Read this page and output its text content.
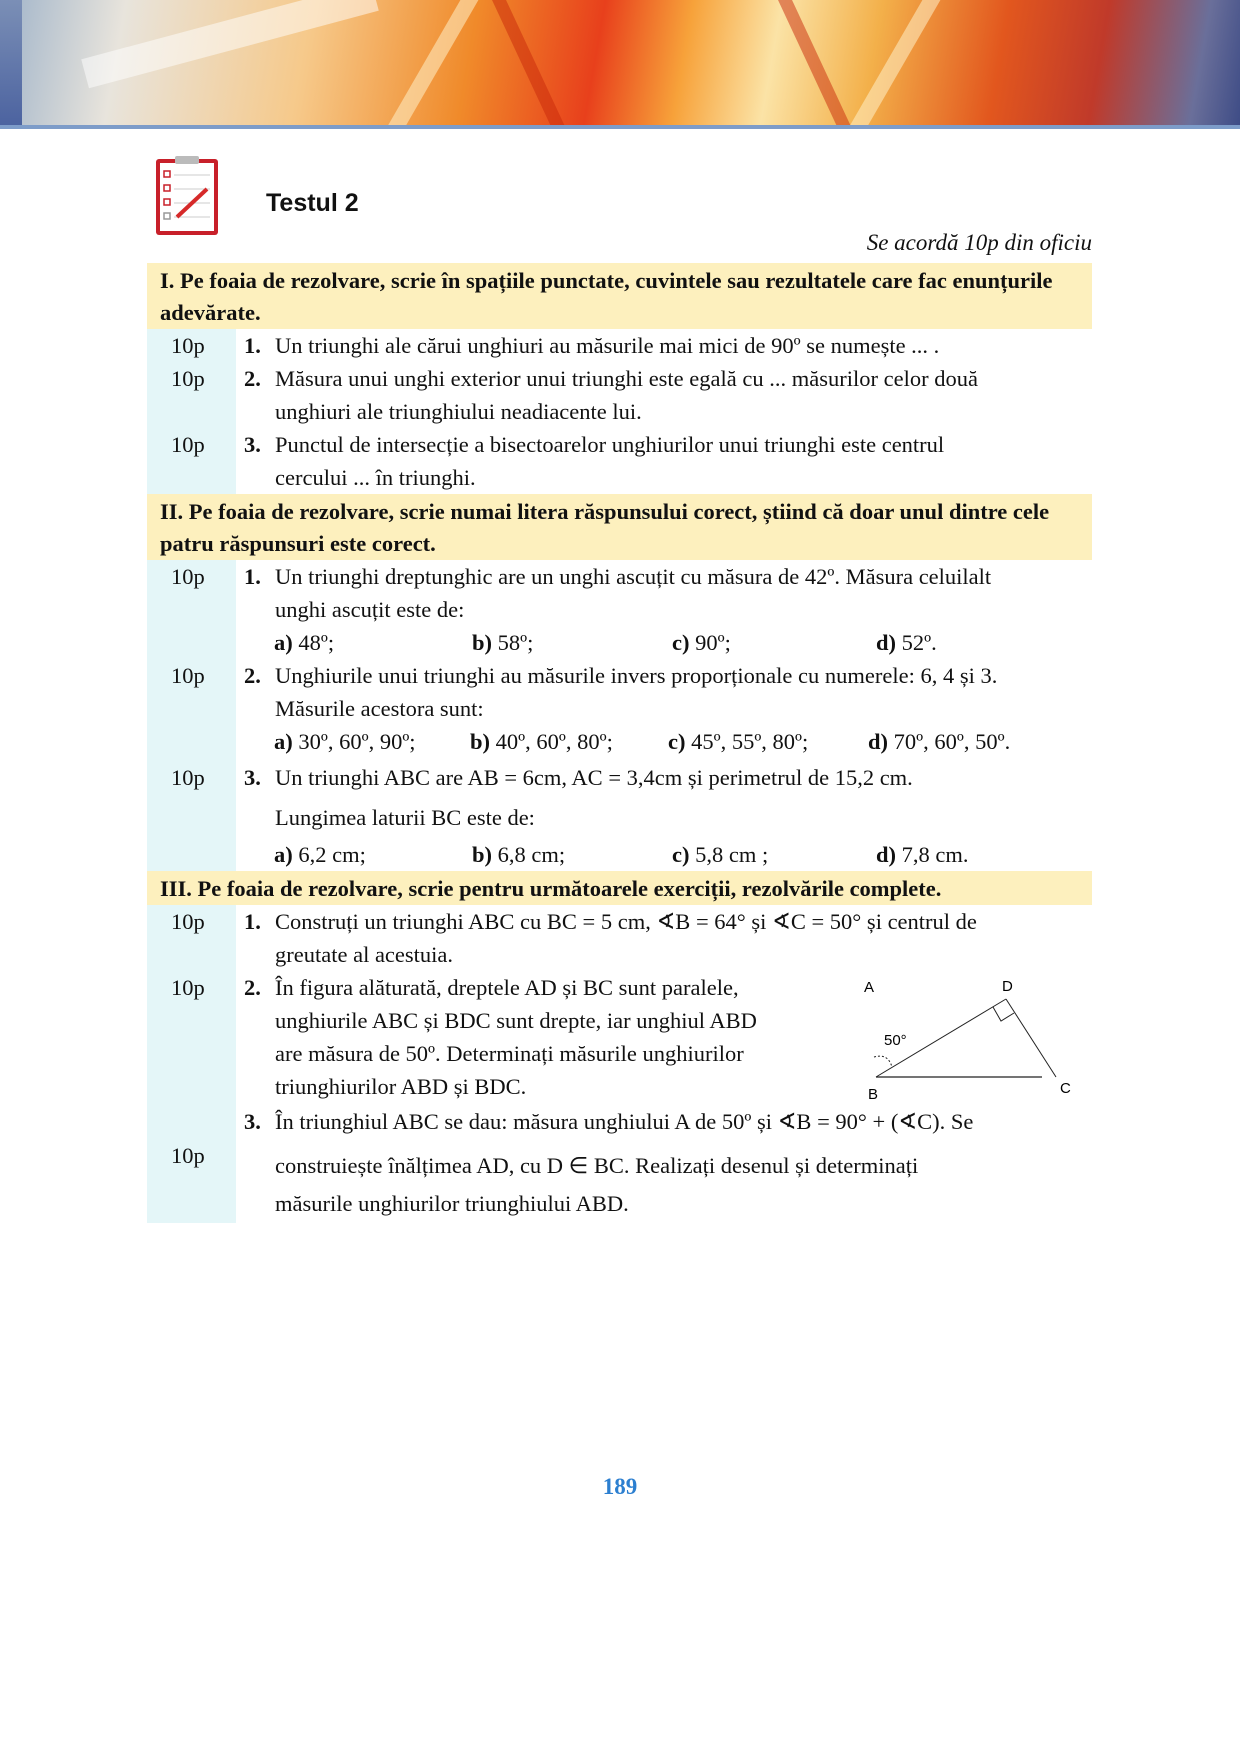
Testul 2
Se acordă 10p din oficiu
I. Pe foaia de rezolvare, scrie în spațiile punctate, cuvintele sau rezultatele care fac enunțurile adevărate.
10p	1. Un triunghi ale cărui unghiuri au măsurile mai mici de 90º se numește ... .
10p	2. Măsura unui unghi exterior unui triunghi este egală cu ... măsurilor celor două
unghiuri ale triunghiului neadiacente lui.
10p	3. Punctul de intersecție a bisectoarelor unghiurilor unui triunghi este centrul
cercului ... în triunghi.
II. Pe foaia de rezolvare, scrie numai litera răspunsului corect, știind că doar unul dintre cele patru răspunsuri este corect.
10p	1. Un triunghi dreptunghic are un unghi ascuțit cu măsura de 42º. Măsura celuilalt
unghi ascuțit este de:
a) 48º;	b) 58º;	c) 90º;	d) 52º.
10p	2. Unghiurile unui triunghi au măsurile invers proporționale cu numerele: 6, 4 și 3.
Măsurile acestora sunt:
a) 30º, 60º, 90º;	b) 40º, 60º, 80º;	c) 45º, 55º, 80º;	d) 70º, 60º, 50º.
10p	3. Un triunghi ABC are AB = 6cm, AC = 3,4cm și perimetrul de 15,2 cm.
Lungimea laturii BC este de:
a) 6,2 cm;	b) 6,8 cm;	c) 5,8 cm ;	d) 7,8 cm.
III. Pe foaia de rezolvare, scrie pentru următoarele exerciții, rezolvările complete.
10p	1. Construți un triunghi ABC cu BC = 5 cm, ∢B = 64° și ∢C = 50° și centrul de
greutate al acestuia.
10p	2. În figura alăturată, dreptele AD și BC sunt paralele,
unghiurile ABC și BDC sunt drepte, iar unghiul ABD
are măsura de 50º. Determinați măsurile unghiurilor
triunghiurilor ABD și BDC.
A	D
B	C
50°
10p
3. În triunghiul ABC se dau: măsura unghiului A de 50º și ∢B = 90° + (∢C). Se
construiește înălțimea AD, cu D ∈ BC. Realizați desenul și determinați
măsurile unghiurilor triunghiului ABD.
189
